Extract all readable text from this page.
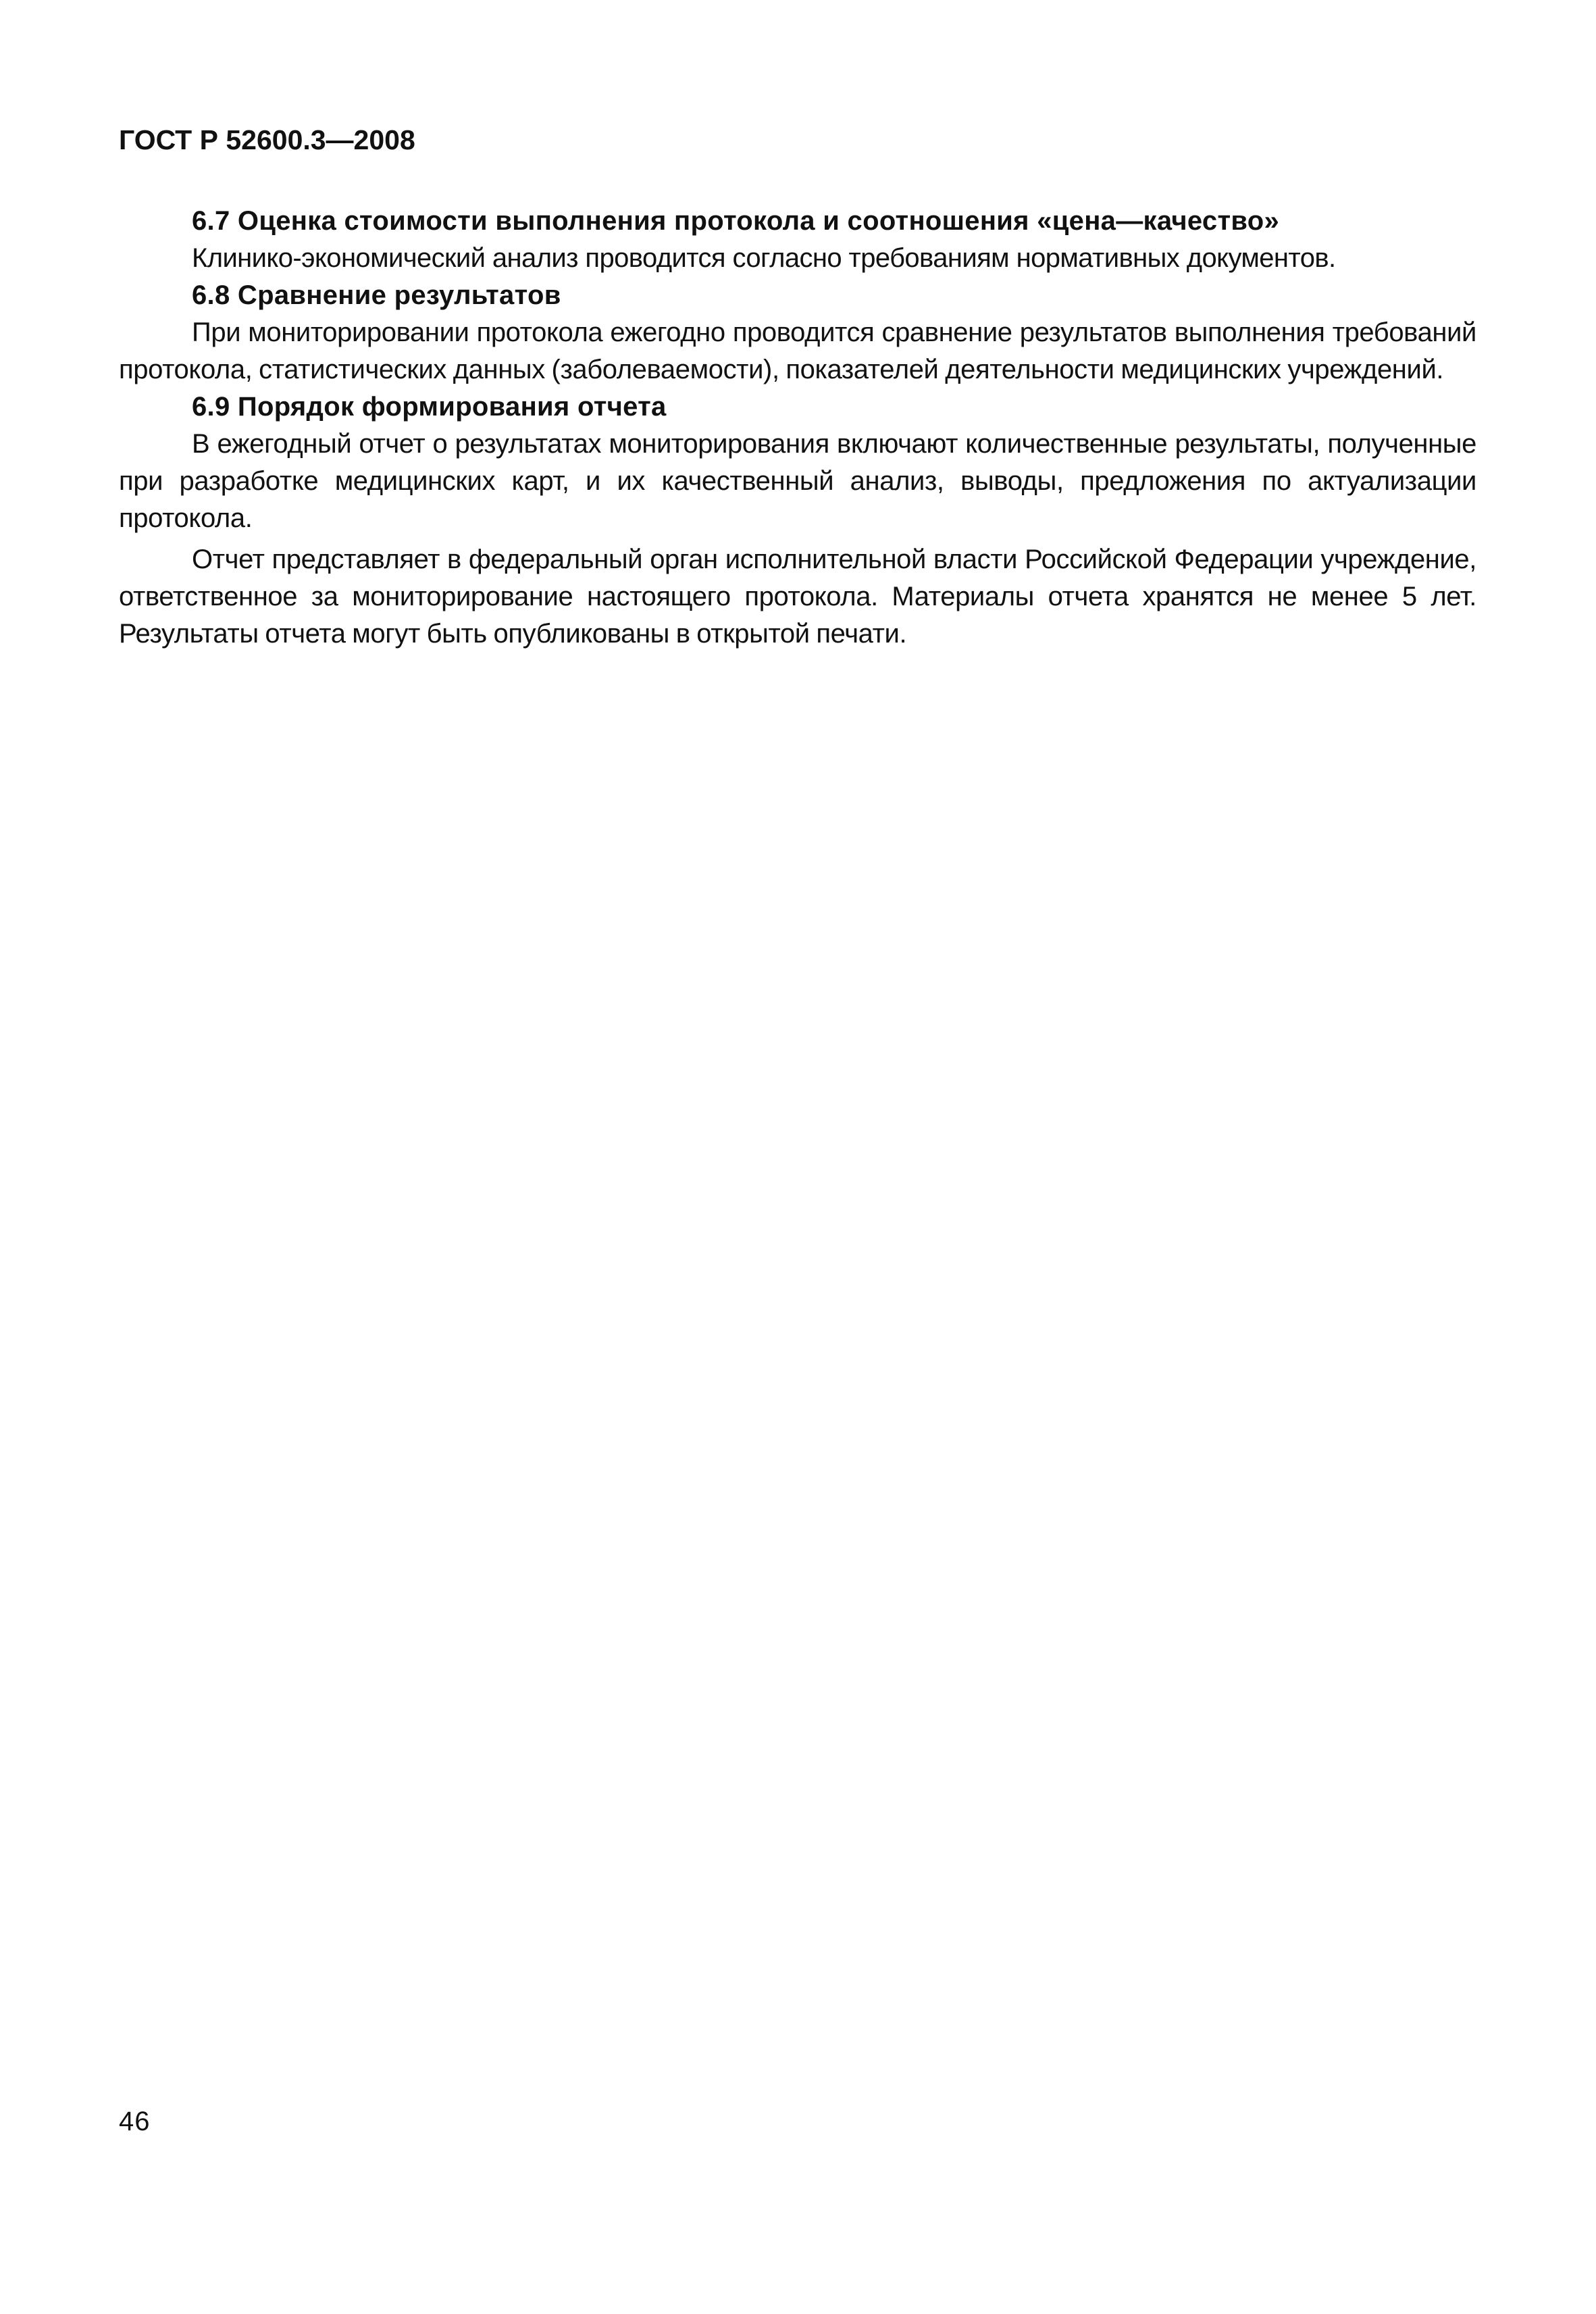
ГОСТ Р 52600.3—2008
6.7 Оценка стоимости выполнения протокола и соотношения «цена—качество»

Клинико-экономический анализ проводится согласно требованиям нормативных документов.

6.8 Сравнение результатов

При мониторировании протокола ежегодно проводится сравнение результатов выполнения требований протокола, статистических данных (заболеваемости), показателей деятельности медицинских учреждений.

6.9 Порядок формирования отчета

В ежегодный отчет о результатах мониторирования включают количественные результаты, полученные при разработке медицинских карт, и их качественный анализ, выводы, предложения по актуализации протокола.

Отчет представляет в федеральный орган исполнительной власти Российской Федерации учреждение, ответственное за мониторирование настоящего протокола. Материалы отчета хранятся не менее 5 лет. Результаты отчета могут быть опубликованы в открытой печати.

46
